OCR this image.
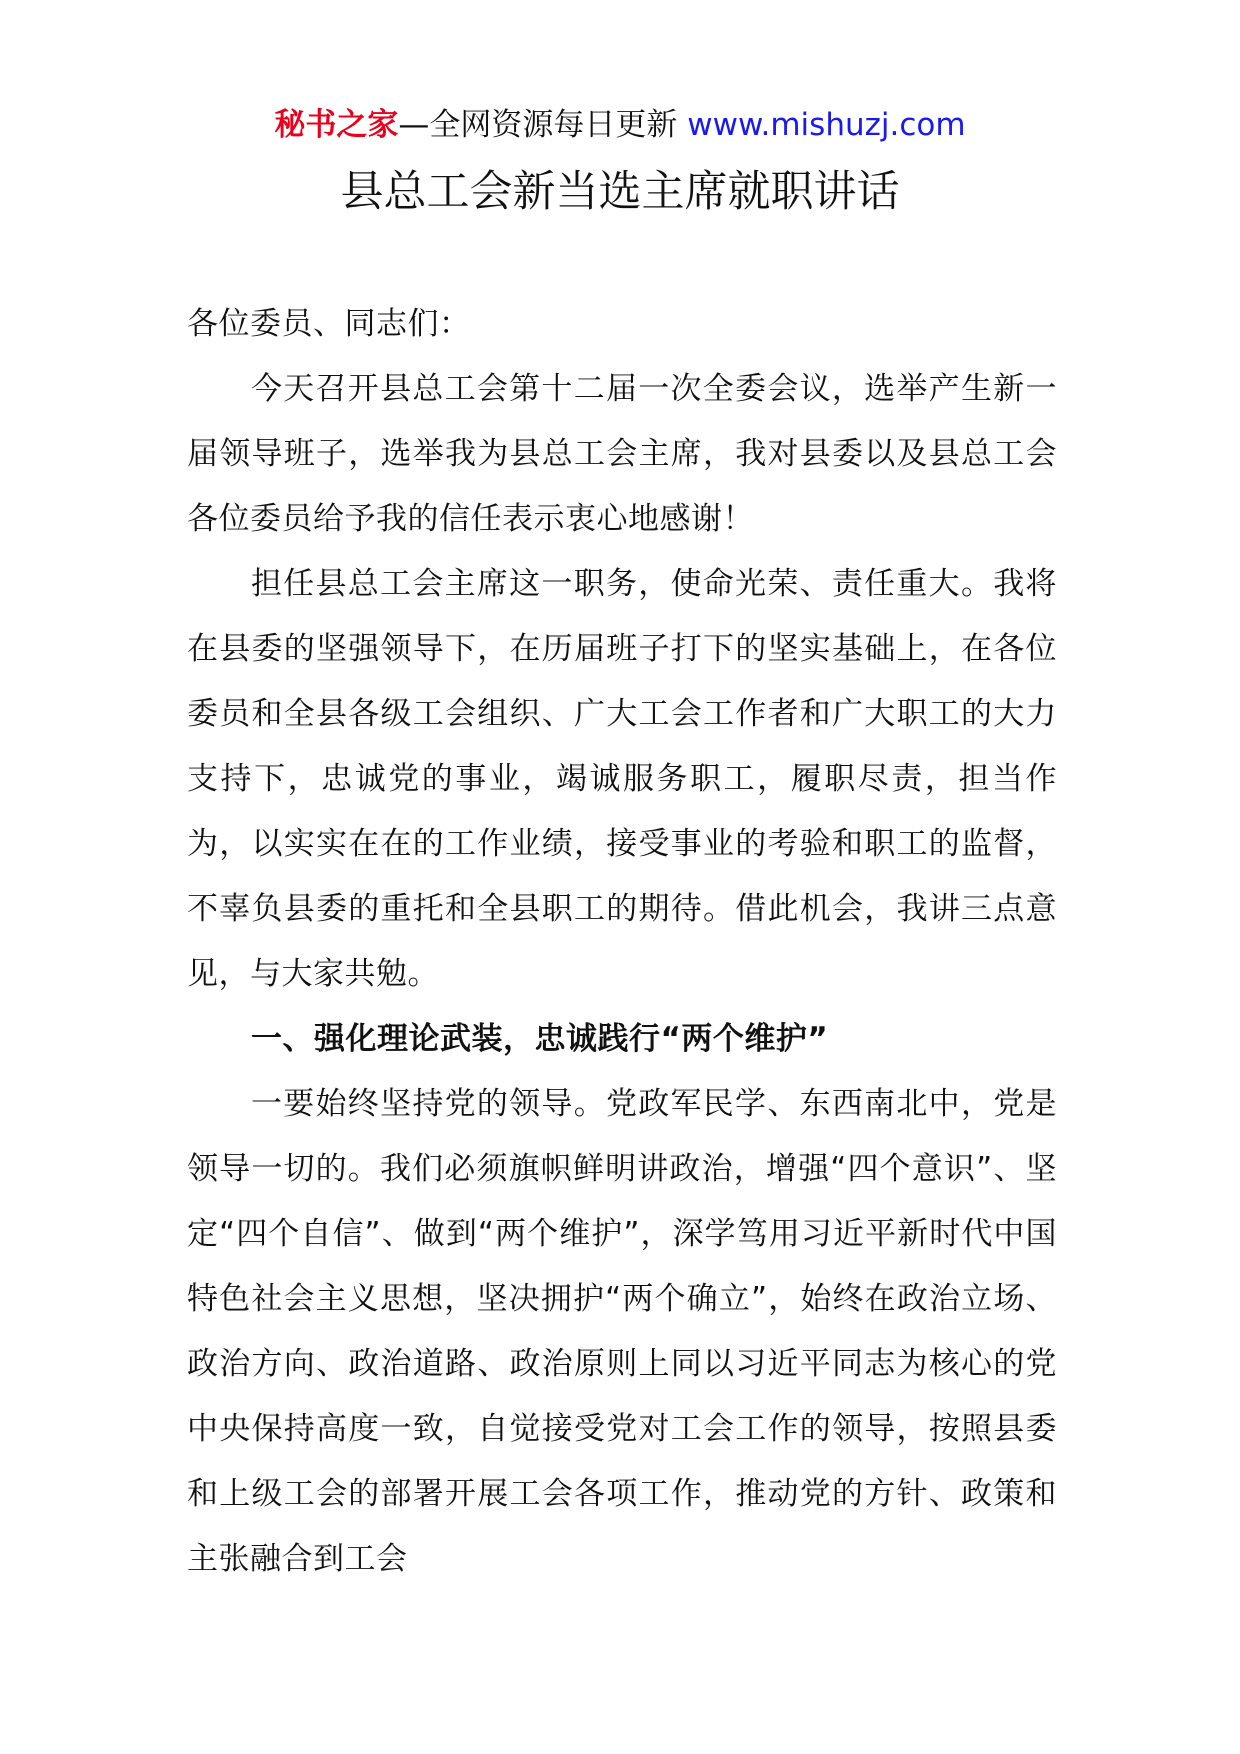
秘书之家—全网资源每日更新 www.mishuzj.com
县总工会新当选主席就职讲话

各位委员、同志们：

今天召开县总工会第十二届一次全委会议，选举产生新一届领导班子，选举我为县总工会主席，我对县委以及县总工会各位委员给予我的信任表示衷心地感谢！

担任县总工会主席这一职务，使命光荣、责任重大。我将在县委的坚强领导下，在历届班子打下的坚实基础上，在各位委员和全县各级工会组织、广大工会工作者和广大职工的大力支持下，忠诚党的事业，竭诚服务职工，履职尽责，担当作为，以实实在在的工作业绩，接受事业的考验和职工的监督，不辜负县委的重托和全县职工的期待。借此机会，我讲三点意见，与大家共勉。

一、强化理论武装，忠诚践行“两个维护”

一要始终坚持党的领导。党政军民学、东西南北中，党是领导一切的。我们必须旗帜鲜明讲政治，增强“四个意识”、坚定“四个自信”、做到“两个维护”，深学笃用习近平新时代中国特色社会主义思想，坚决拥护“两个确立”，始终在政治立场、政治方向、政治道路、政治原则上同以习近平同志为核心的党中央保持高度一致，自觉接受党对工会工作的领导，按照县委和上级工会的部署开展工会各项工作，推动党的方针、政策和主张融合到工会
